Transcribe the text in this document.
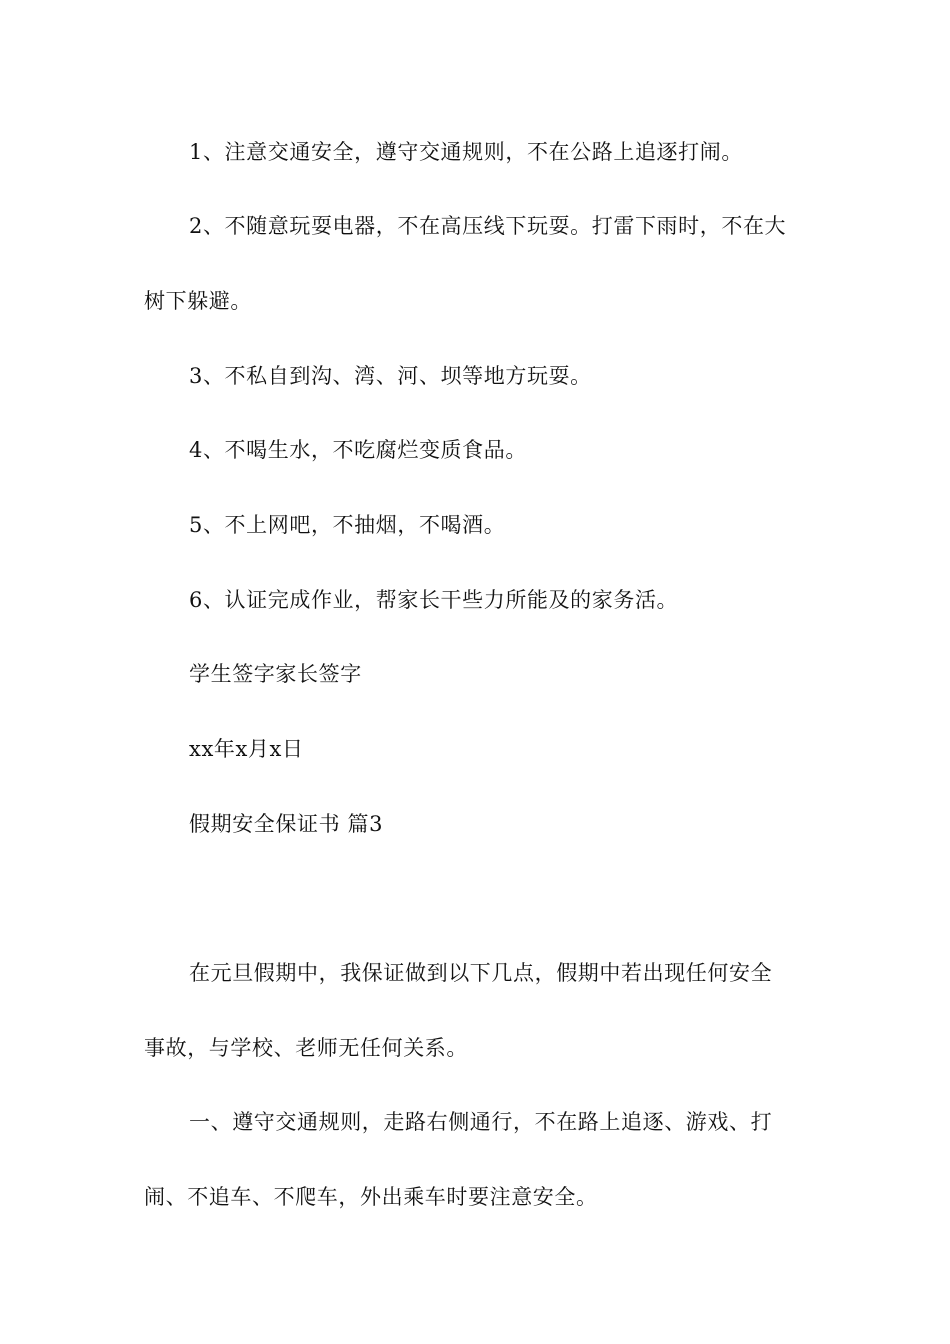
1、注意交通安全，遵守交通规则，不在公路上追逐打闹。
2、不随意玩耍电器，不在高压线下玩耍。打雷下雨时，不在大
树下躲避。
3、不私自到沟、湾、河、坝等地方玩耍。
4、不喝生水，不吃腐烂变质食品。
5、不上网吧，不抽烟，不喝酒。
6、认证完成作业，帮家长干些力所能及的家务活。
学生签字家长签字
xx年x月x日
假期安全保证书 篇3
在元旦假期中，我保证做到以下几点，假期中若出现任何安全
事故，与学校、老师无任何关系。
一、遵守交通规则，走路右侧通行，不在路上追逐、游戏、打
闹、不追车、不爬车，外出乘车时要注意安全。
